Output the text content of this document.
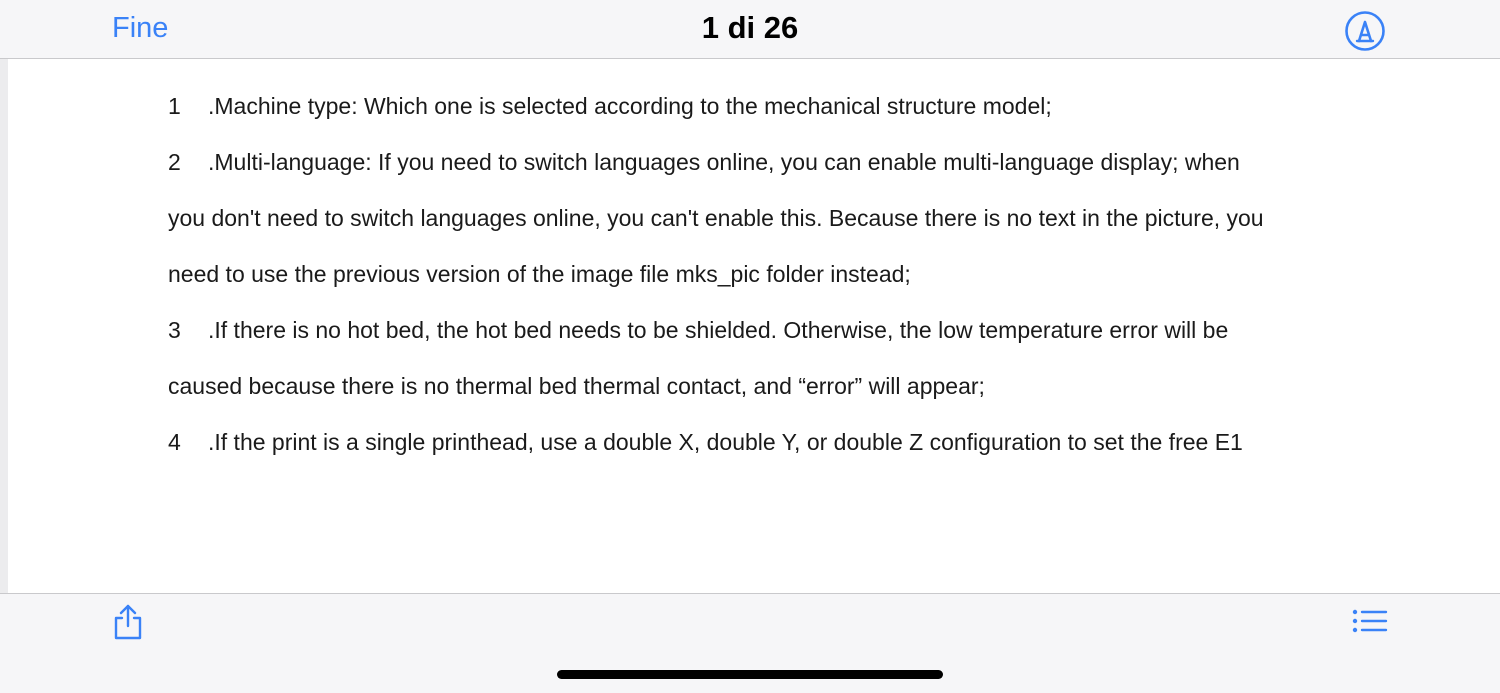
Fine	1 di 26
1 .Machine type: Which one is selected according to the mechanical structure model;
2 .Multi-language: If you need to switch languages online, you can enable multi-language display; when
you don't need to switch languages online, you can't enable this. Because there is no text in the picture, you
need to use the previous version of the image file mks_pic folder instead;
3 .If there is no hot bed, the hot bed needs to be shielded. Otherwise, the low temperature error will be
caused because there is no thermal bed thermal contact, and “error” will appear;
4 .If the print is a single printhead, use a double X, double Y, or double Z configuration to set the free E1
